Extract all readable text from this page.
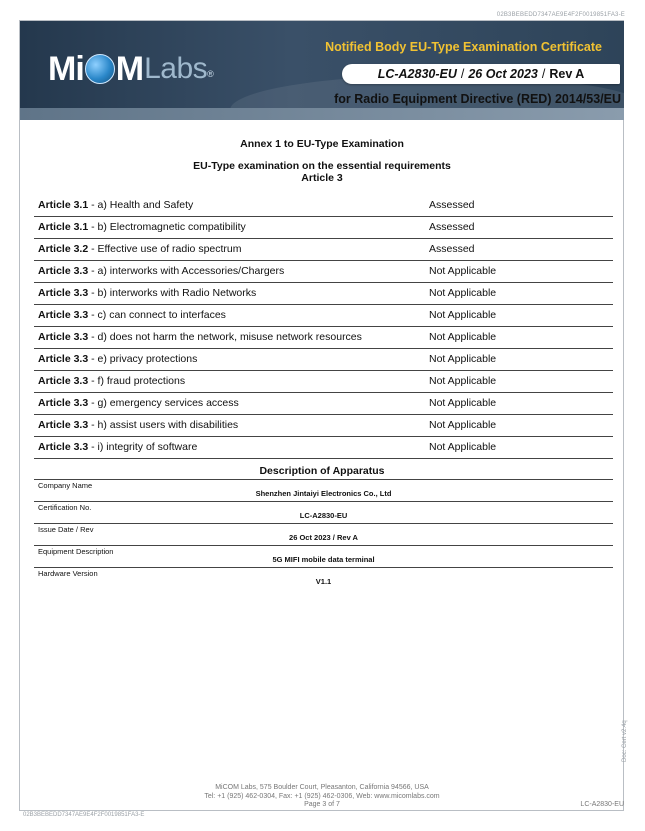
02B3BEBEDD7347AE9E4F2F0019851FA3-E
Mi M Labs ®
Notified Body EU-Type Examination Certificate
LC-A2830-EU / 26 Oct 2023 / Rev A
for Radio Equipment Directive (RED) 2014/53/EU
Annex 1 to EU-Type Examination
EU-Type examination on the essential requirements
Article 3
Article 3.1 - a) Health and Safety	Assessed
Article 3.1 - b) Electromagnetic compatibility	Assessed
Article 3.2 - Effective use of radio spectrum	Assessed
Article 3.3 - a) interworks with Accessories/Chargers	Not Applicable
Article 3.3 - b) interworks with Radio Networks	Not Applicable
Article 3.3 - c) can connect to interfaces	Not Applicable
Article 3.3 - d) does not harm the network, misuse network resources	Not Applicable
Article 3.3 - e) privacy protections	Not Applicable
Article 3.3 - f) fraud protections	Not Applicable
Article 3.3 - g) emergency services access	Not Applicable
Article 3.3 - h) assist users with disabilities	Not Applicable
Article 3.3 - i) integrity of software	Not Applicable
Description of Apparatus
Company Name
Shenzhen Jintaiyi Electronics Co., Ltd
Certification No.
LC-A2830-EU
Issue Date / Rev
26 Oct 2023 / Rev A
Equipment Description
5G MIFI mobile data terminal
Hardware Version
V1.1
Doc: Cert v2.4q
MiCOM Labs, 575 Boulder Court, Pleasanton, California 94566, USA
Tel: +1 (925) 462-0304, Fax: +1 (925) 462-0306, Web: www.micomlabs.com
Page 3 of 7	LC-A2830-EU
02B3BEBEDD7347AE9E4F2F0019851FA3-E
